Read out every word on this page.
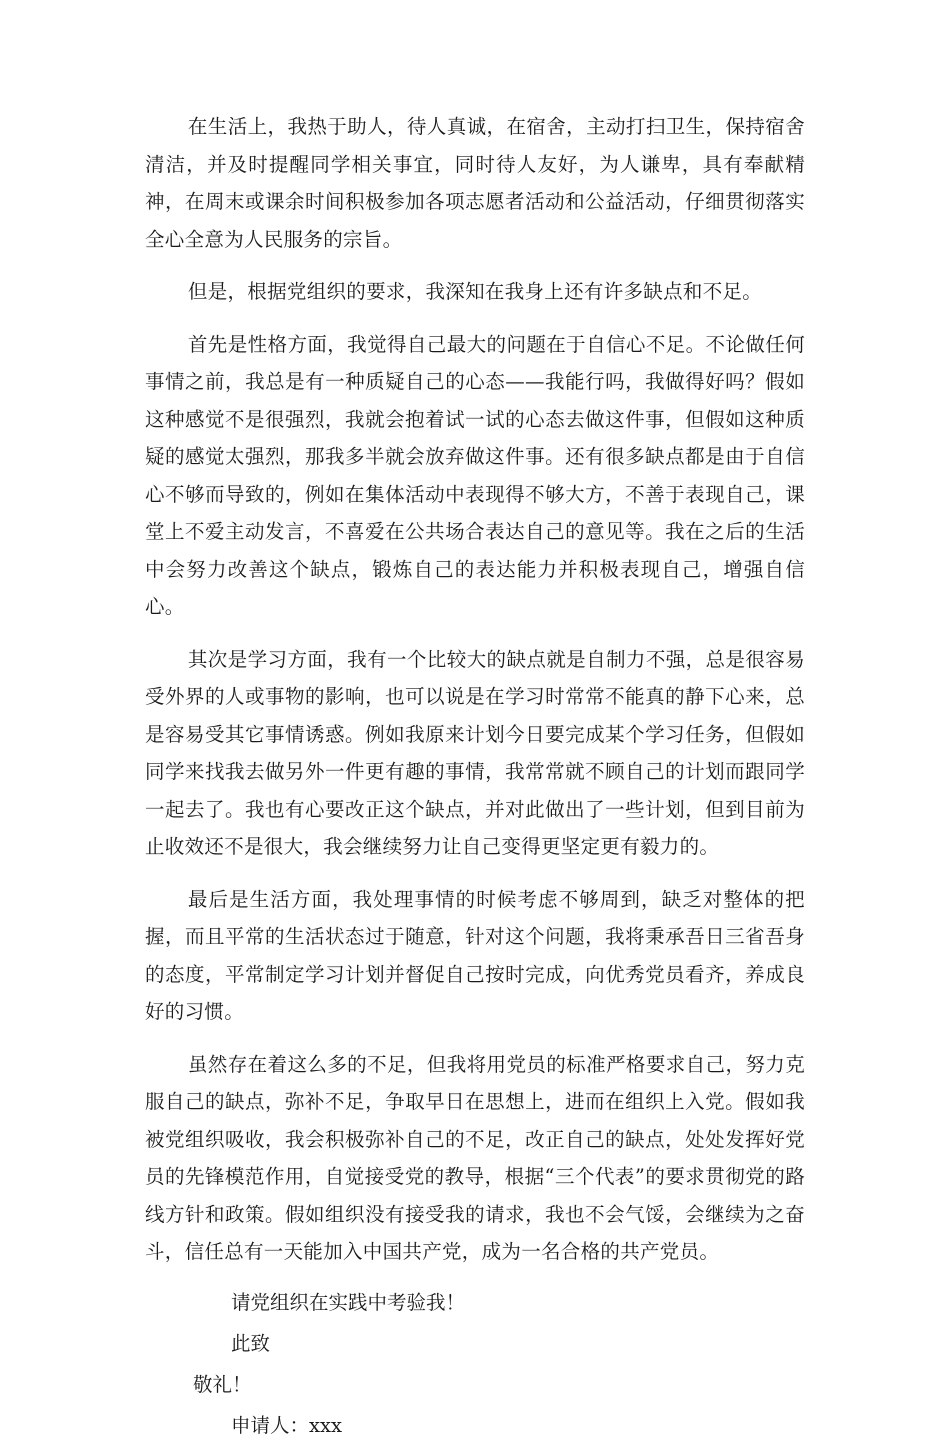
在生活上，我热于助人，待人真诚，在宿舍，主动打扫卫生，保持宿舍清洁，并及时提醒同学相关事宜，同时待人友好，为人谦卑，具有奉献精神，在周末或课余时间积极参加各项志愿者活动和公益活动，仔细贯彻落实全心全意为人民服务的宗旨。

但是，根据党组织的要求，我深知在我身上还有许多缺点和不足。

首先是性格方面，我觉得自己最大的问题在于自信心不足。不论做任何事情之前，我总是有一种质疑自己的心态——我能行吗，我做得好吗？假如这种感觉不是很强烈，我就会抱着试一试的心态去做这件事，但假如这种质疑的感觉太强烈，那我多半就会放弃做这件事。还有很多缺点都是由于自信心不够而导致的，例如在集体活动中表现得不够大方，不善于表现自己，课堂上不爱主动发言，不喜爱在公共场合表达自己的意见等。我在之后的生活中会努力改善这个缺点，锻炼自己的表达能力并积极表现自己，增强自信心。

其次是学习方面，我有一个比较大的缺点就是自制力不强，总是很容易受外界的人或事物的影响，也可以说是在学习时常常不能真的静下心来，总是容易受其它事情诱惑。例如我原来计划今日要完成某个学习任务，但假如同学来找我去做另外一件更有趣的事情，我常常就不顾自己的计划而跟同学一起去了。我也有心要改正这个缺点，并对此做出了一些计划，但到目前为止收效还不是很大，我会继续努力让自己变得更坚定更有毅力的。

最后是生活方面，我处理事情的时候考虑不够周到，缺乏对整体的把握，而且平常的生活状态过于随意，针对这个问题，我将秉承吾日三省吾身的态度，平常制定学习计划并督促自己按时完成，向优秀党员看齐，养成良好的习惯。

虽然存在着这么多的不足，但我将用党员的标准严格要求自己，努力克服自己的缺点，弥补不足，争取早日在思想上，进而在组织上入党。假如我被党组织吸收，我会积极弥补自己的不足，改正自己的缺点，处处发挥好党员的先锋模范作用，自觉接受党的教导，根据“三个代表”的要求贯彻党的路线方针和政策。假如组织没有接受我的请求，我也不会气馁，会继续为之奋斗，信任总有一天能加入中国共产党，成为一名合格的共产党员。

请党组织在实践中考验我！
此致
敬礼！
申请人：xxx
